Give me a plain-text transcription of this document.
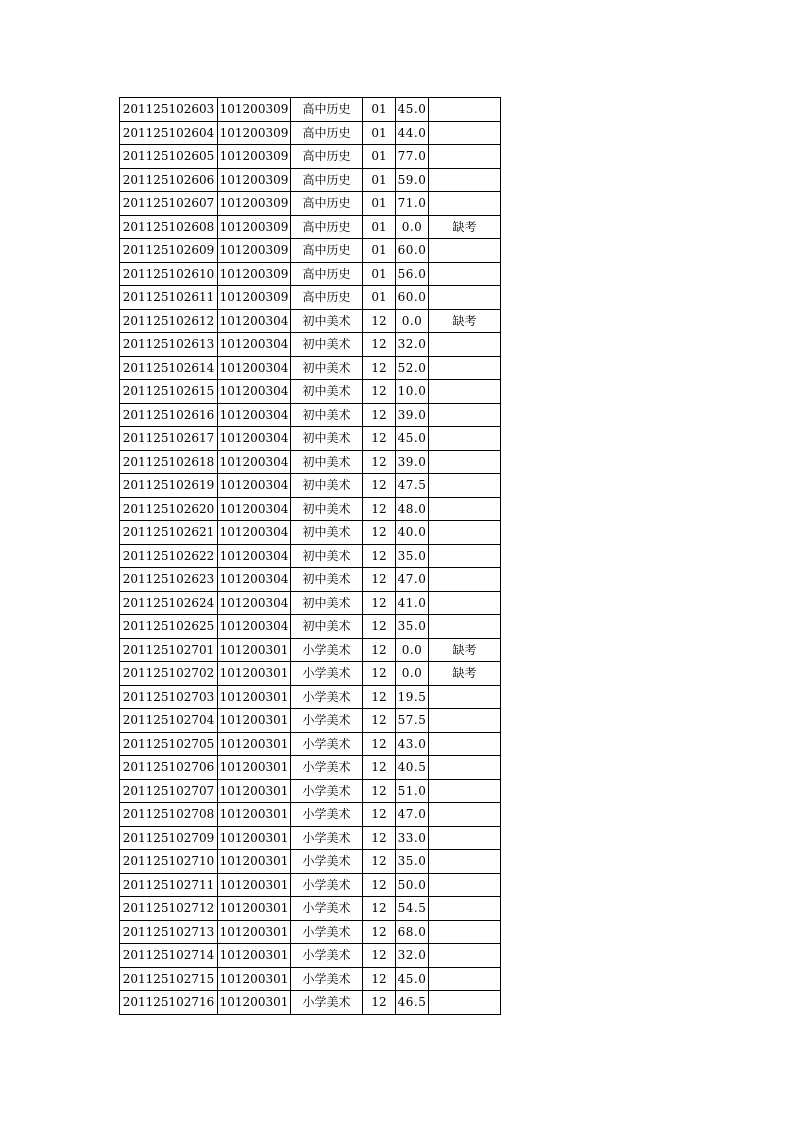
201125102603	101200309	高中历史	01	45.0	
201125102604	101200309	高中历史	01	44.0	
201125102605	101200309	高中历史	01	77.0	
201125102606	101200309	高中历史	01	59.0	
201125102607	101200309	高中历史	01	71.0	
201125102608	101200309	高中历史	01	0.0	缺考
201125102609	101200309	高中历史	01	60.0	
201125102610	101200309	高中历史	01	56.0	
201125102611	101200309	高中历史	01	60.0	
201125102612	101200304	初中美术	12	0.0	缺考
201125102613	101200304	初中美术	12	32.0	
201125102614	101200304	初中美术	12	52.0	
201125102615	101200304	初中美术	12	10.0	
201125102616	101200304	初中美术	12	39.0	
201125102617	101200304	初中美术	12	45.0	
201125102618	101200304	初中美术	12	39.0	
201125102619	101200304	初中美术	12	47.5	
201125102620	101200304	初中美术	12	48.0	
201125102621	101200304	初中美术	12	40.0	
201125102622	101200304	初中美术	12	35.0	
201125102623	101200304	初中美术	12	47.0	
201125102624	101200304	初中美术	12	41.0	
201125102625	101200304	初中美术	12	35.0	
201125102701	101200301	小学美术	12	0.0	缺考
201125102702	101200301	小学美术	12	0.0	缺考
201125102703	101200301	小学美术	12	19.5	
201125102704	101200301	小学美术	12	57.5	
201125102705	101200301	小学美术	12	43.0	
201125102706	101200301	小学美术	12	40.5	
201125102707	101200301	小学美术	12	51.0	
201125102708	101200301	小学美术	12	47.0	
201125102709	101200301	小学美术	12	33.0	
201125102710	101200301	小学美术	12	35.0	
201125102711	101200301	小学美术	12	50.0	
201125102712	101200301	小学美术	12	54.5	
201125102713	101200301	小学美术	12	68.0	
201125102714	101200301	小学美术	12	32.0	
201125102715	101200301	小学美术	12	45.0	
201125102716	101200301	小学美术	12	46.5	
